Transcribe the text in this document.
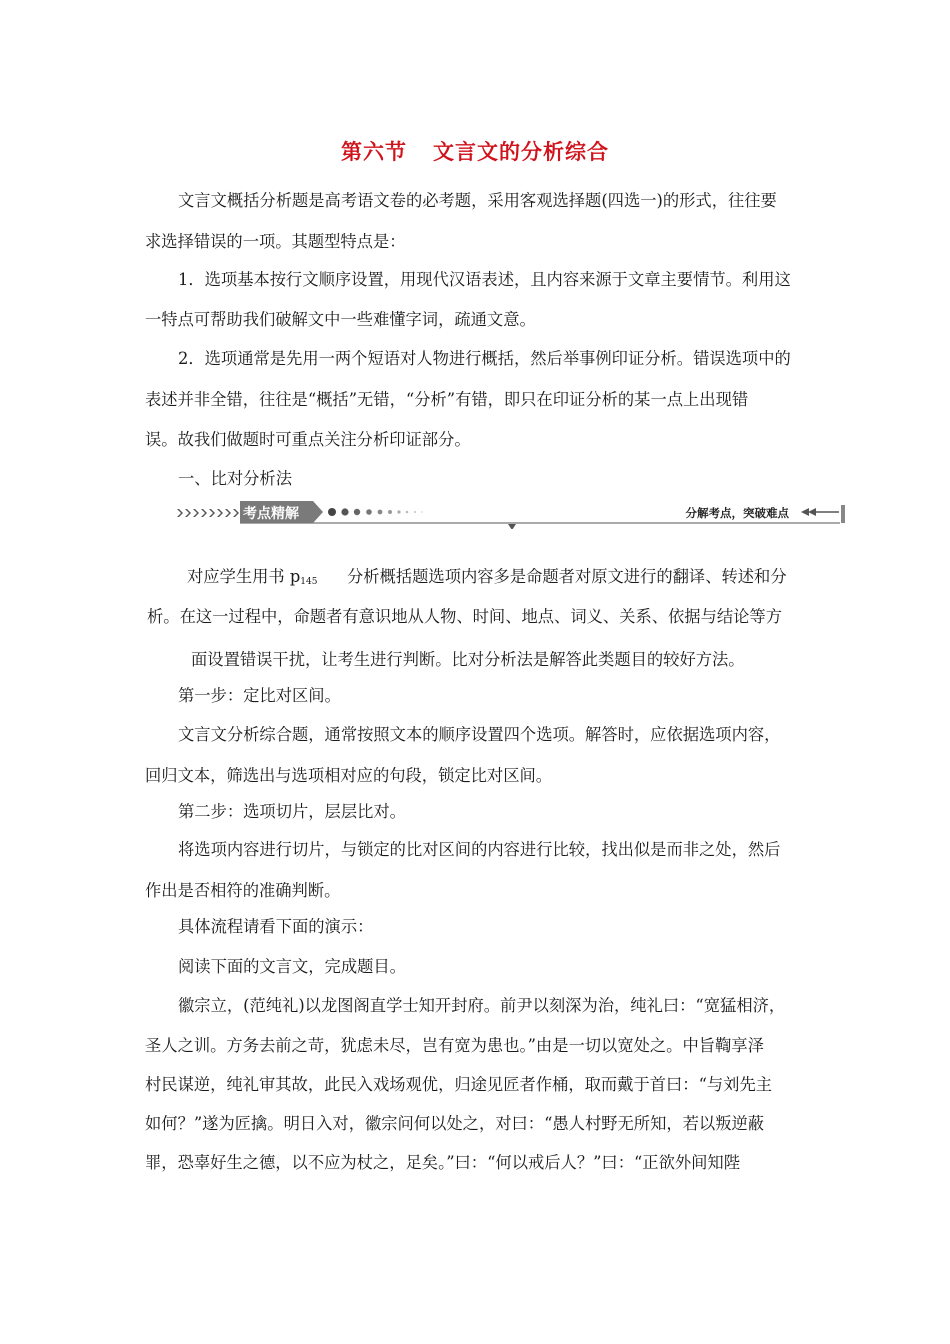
第六节 文言文的分析综合
文言文概括分析题是高考语文卷的必考题，采用客观选择题(四选一)的形式，往往要
求选择错误的一项。其题型特点是：
1．选项基本按行文顺序设置，用现代汉语表述，且内容来源于文章主要情节。利用这
一特点可帮助我们破解文中一些难懂字词，疏通文意。
2．选项通常是先用一两个短语对人物进行概括，然后举事例印证分析。错误选项中的
表述并非全错，往往是“概括”无错，“分析”有错，即只在印证分析的某一点上出现错
误。故我们做题时可重点关注分析印证部分。
一、比对分析法
考点精解	分解考点，突破难点
对应学生用书 p145 分析概括题选项内容多是命题者对原文进行的翻译、转述和分
析。在这一过程中，命题者有意识地从人物、时间、地点、词义、关系、依据与结论等方
面设置错误干扰，让考生进行判断。比对分析法是解答此类题目的较好方法。
第一步：定比对区间。
文言文分析综合题，通常按照文本的顺序设置四个选项。解答时，应依据选项内容，
回归文本，筛选出与选项相对应的句段，锁定比对区间。
第二步：选项切片，层层比对。
将选项内容进行切片，与锁定的比对区间的内容进行比较，找出似是而非之处，然后
作出是否相符的准确判断。
具体流程请看下面的演示：
阅读下面的文言文，完成题目。
徽宗立，(范纯礼)以龙图阁直学士知开封府。前尹以刻深为治，纯礼曰：“宽猛相济，
圣人之训。方务去前之苛，犹虑未尽，岂有宽为患也。”由是一切以宽处之。中旨鞫享泽
村民谋逆，纯礼审其故，此民入戏场观优，归途见匠者作桶，取而戴于首曰：“与刘先主
如何？”遂为匠擒。明日入对，徽宗问何以处之，对曰：“愚人村野无所知，若以叛逆蔽
罪，恐辜好生之德，以不应为杖之，足矣。”曰：“何以戒后人？”曰：“正欲外间知陛
